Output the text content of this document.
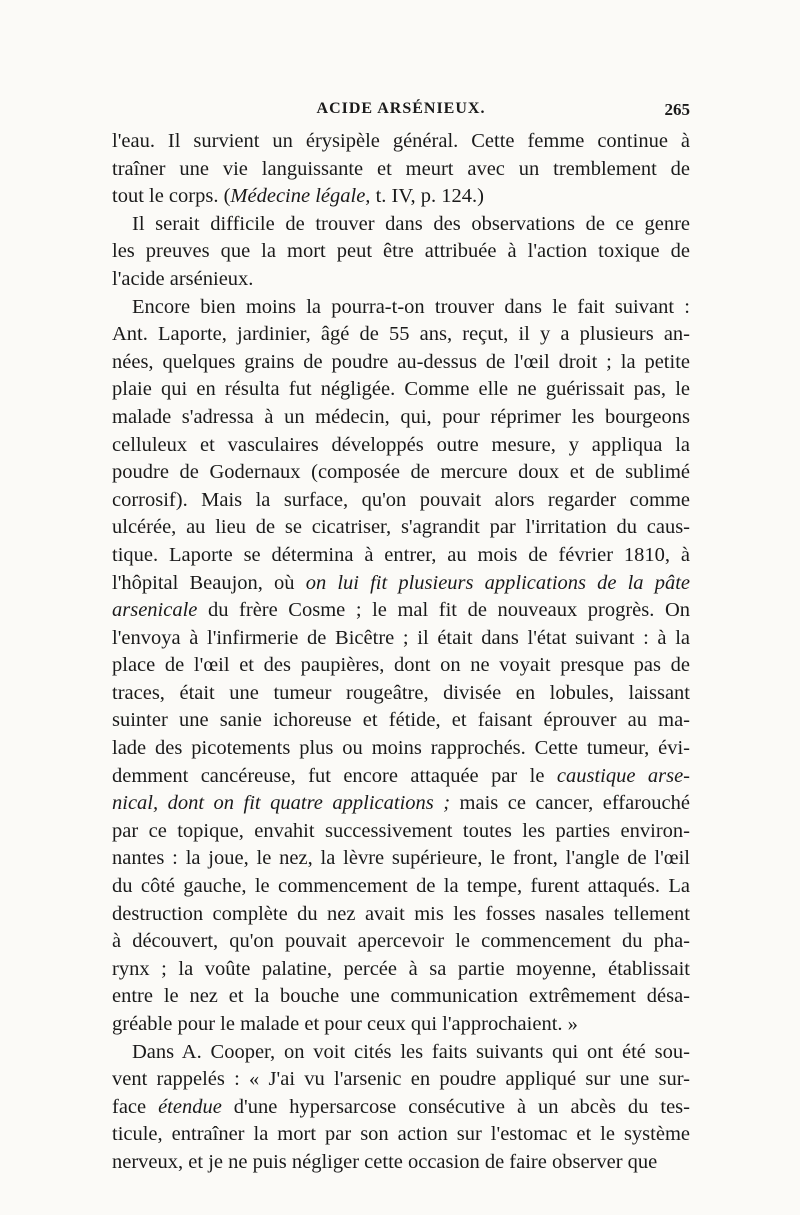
ACIDE ARSÉNIEUX.	265
l'eau. Il survient un érysipèle général. Cette femme continue à
traîner une vie languissante et meurt avec un tremblement de
tout le corps. (Médecine légale, t. IV, p. 124.)
Il serait difficile de trouver dans des observations de ce genre
les preuves que la mort peut être attribuée à l'action toxique de
l'acide arsénieux.
Encore bien moins la pourra-t-on trouver dans le fait suivant :
Ant. Laporte, jardinier, âgé de 55 ans, reçut, il y a plusieurs an-
nées, quelques grains de poudre au-dessus de l'œil droit ; la petite
plaie qui en résulta fut négligée. Comme elle ne guérissait pas, le
malade s'adressa à un médecin, qui, pour réprimer les bourgeons
celluleux et vasculaires développés outre mesure, y appliqua la
poudre de Godernaux (composée de mercure doux et de sublimé
corrosif). Mais la surface, qu'on pouvait alors regarder comme
ulcérée, au lieu de se cicatriser, s'agrandit par l'irritation du caus-
tique. Laporte se détermina à entrer, au mois de février 1810, à
l'hôpital Beaujon, où on lui fit plusieurs applications de la pâte
arsenicale du frère Cosme ; le mal fit de nouveaux progrès. On
l'envoya à l'infirmerie de Bicêtre ; il était dans l'état suivant : à la
place de l'œil et des paupières, dont on ne voyait presque pas de
traces, était une tumeur rougeâtre, divisée en lobules, laissant
suinter une sanie ichoreuse et fétide, et faisant éprouver au ma-
lade des picotements plus ou moins rapprochés. Cette tumeur, évi-
demment cancéreuse, fut encore attaquée par le caustique arse-
nical, dont on fit quatre applications ; mais ce cancer, effarouché
par ce topique, envahit successivement toutes les parties environ-
nantes : la joue, le nez, la lèvre supérieure, le front, l'angle de l'œil
du côté gauche, le commencement de la tempe, furent attaqués. La
destruction complète du nez avait mis les fosses nasales tellement
à découvert, qu'on pouvait apercevoir le commencement du pha-
rynx ; la voûte palatine, percée à sa partie moyenne, établissait
entre le nez et la bouche une communication extrêmement désa-
gréable pour le malade et pour ceux qui l'approchaient. »
Dans A. Cooper, on voit cités les faits suivants qui ont été sou-
vent rappelés : « J'ai vu l'arsenic en poudre appliqué sur une sur-
face étendue d'une hypersarcose consécutive à un abcès du tes-
ticule, entraîner la mort par son action sur l'estomac et le système
nerveux, et je ne puis négliger cette occasion de faire observer que
